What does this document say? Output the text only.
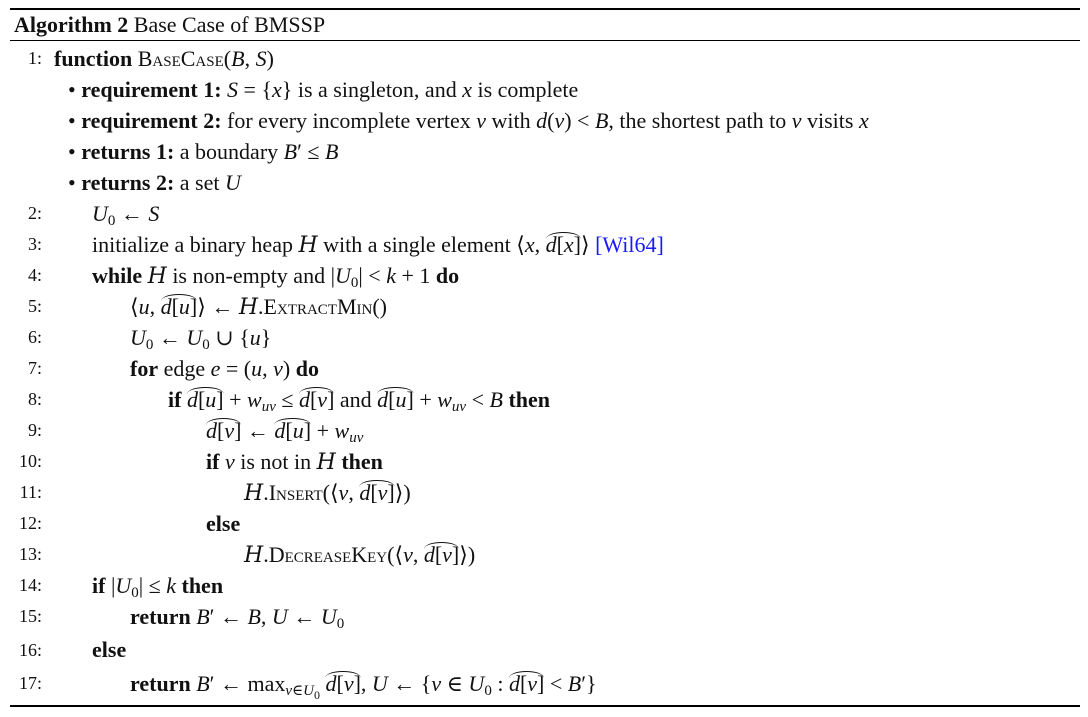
Algorithm 2 Base Case of BMSSP
1: function BaseCase(B, S)
• requirement 1: S = {x} is a singleton, and x is complete
• requirement 2: for every incomplete vertex v with d(v) < B, the shortest path to v visits x
• returns 1: a boundary B′ ≤ B
• returns 2: a set U
2: $U_0$ ← S
3: initialize a binary heap H with a single element ⟨x, d[x]⟩ [Wil64]
4: while H is non-empty and $|U_0| < k + 1$ do
5:	⟨u, d[u]⟩ ← H.ExtractMin()
6:	$U_0$ ← $U_0$ ∪ {u}
7:	for edge e = (u, v) do
8:	if $d[u] + w_{uv} \le d[v]$ and $d[u] + w_{uv} < B$ then
9:	d[v] ← $d[u] + w_{uv}$
10:	if v is not in H then
11:	H.Insert(⟨v, d[v]⟩)
12:	else
13:	H.DecreaseKey(⟨v, d[v]⟩)
14: if $|U_0| \le k$ then
15:	return B′ ← B, U ← $U_0$
16: else
17:	return B′ ← $\max_{v\in U_0} d[v]$, U ← {v ∈ $U_0$ : d[v] < B′}
